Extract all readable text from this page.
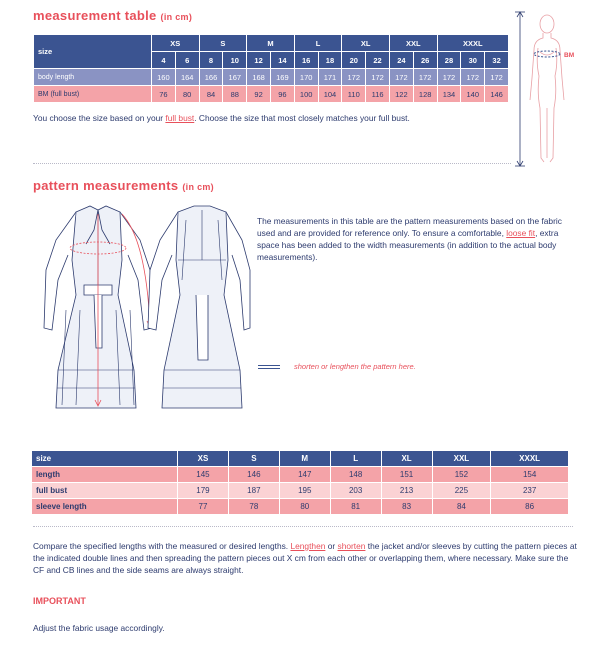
measurement table (in cm)
size	XS		S		M		L		XL		XXL		XXXL		
	4	6	8	10	12	14	16	18	20	22	24	26	28	30	32
body length	160	164	166	167	168	169	170	171	172	172	172	172	172	172	172
BM (full bust)	76	80	84	88	92	96	100	104	110	116	122	128	134	140	146
You choose the size based on your full bust. Choose the size that most closely matches your full bust.
BM
pattern measurements (in cm)
The measurements in this table are the pattern measurements based on the fabric used and are provided for reference only. To ensure a comfortable, loose fit, extra space has been added to the width measurements (in addition to the actual body measurements).
shorten or lengthen the pattern here.
size	XS	S	M	L	XL	XXL	XXXL
length	145	146	147	148	151	152	154
full bust	179	187	195	203	213	225	237
sleeve length	77	78	80	81	83	84	86
Compare the specified lengths with the measured or desired lengths. Lengthen or shorten the jacket and/or sleeves by cutting the pattern pieces at the indicated double lines and then spreading the pattern pieces out X cm from each other or overlapping them, where necessary. Make sure the CF and CB lines and the side seams are always straight.
IMPORTANT
Adjust the fabric usage accordingly.
